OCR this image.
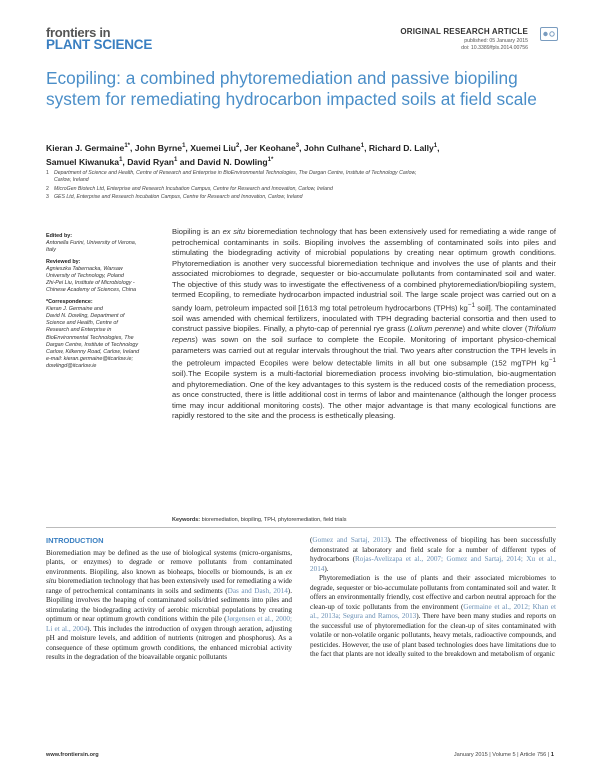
frontiers in
PLANT SCIENCE
ORIGINAL RESEARCH ARTICLE
published: 05 January 2015
doi: 10.3389/fpls.2014.00756
Ecopiling: a combined phytoremediation and passive biopiling system for remediating hydrocarbon impacted soils at field scale
Kieran J. Germaine$^{1*}$, John Byrne$^1$, Xuemei Liu$^2$, Jer Keohane$^3$, John Culhane$^1$, Richard D. Lally$^1$,
Samuel Kiwanuka$^1$, David Ryan$^1$ and David N. Dowling$^{1*}$
1 Department of Science and Health, Centre of Research and Enterprise in BioEnvironmental Technologies, The Dargan Centre, Institute of Technology Carlow,
Carlow, Ireland
2 MicroGen Biotech Ltd, Enterprise and Research Incubation Campus, Centre for Research and Innovation, Carlow, Ireland
3 GES Ltd, Enterprise and Research Incubation Campus, Centre for Research and Innovation, Carlow, Ireland
Edited by:
Antonella Furini, University of Verona,
Italy
Reviewed by:
Agnieszka Tabernacka, Warsaw
University of Technology, Poland
Zhi-Pei Liu, Institute of Microbiology -
Chinese Academy of Sciences, China
*Correspondence:
Kieran J. Germaine and
David N. Dowling, Department of
Science and Health, Centre of
Research and Enterprise in
BioEnvironmental Technologies, The
Dargan Centre, Institute of Technology
Carlow, Kilkenny Road, Carlow, Ireland
e-mail: kieran.germaine@itcarlow.ie;
dowlingd@itcarlow.ie
Biopiling is an ex situ bioremediation technology that has been extensively used for remediating a wide range of petrochemical contaminants in soils. Biopiling involves the assembling of contaminated soils into piles and stimulating the biodegrading activity of microbial populations by creating near optimum growth conditions. Phytoremediation is another very successful bioremediation technique and involves the use of plants and their associated microbiomes to degrade, sequester or bio-accumulate pollutants from contaminated soil and water. The objective of this study was to investigate the effectiveness of a combined phytoremediation/biopiling system, termed Ecopiling, to remediate hydrocarbon impacted industrial soil. The large scale project was carried out on a sandy loam, petroleum impacted soil [1613 mg total petroleum hydrocarbons (TPHs) $kg^{-1}$ soil]. The contaminated soil was amended with chemical fertilizers, inoculated with TPH degrading bacterial consortia and then used to construct passive biopiles. Finally, a phyto-cap of perennial rye grass (Lolium perenne) and white clover (Trifolium repens) was sown on the soil surface to complete the Ecopile. Monitoring of important physico-chemical parameters was carried out at regular intervals throughout the trial. Two years after construction the TPH levels in the petroleum impacted Ecopiles were below detectable limits in all but one subsample (152 mgTPH $kg^{-1}$ soil).The Ecopile system is a multi-factorial bioremediation process involving bio-stimulation, bio-augmentation and phytoremediation. One of the key advantages to this system is the reduced costs of the remediation process, as once constructed, there is little additional cost in terms of labor and maintenance (although the longer process time may incur additional monitoring costs). The other major advantage is that many ecological functions are rapidly restored to the site and the process is esthetically pleasing.
Keywords: bioremediation, biopiling, TPH, phytoremediation, field trials
INTRODUCTION

Bioremediation may be defined as the use of biological systems (micro-organisms, plants, or enzymes) to degrade or remove pollutants from contaminated environments. Biopiling, also known as bioheaps, biocells or biomounds, is an ex situ bioremediation technology that has been extensively used for remediating a wide range of petrochemical contaminants in soils and sediments (Das and Dash, 2014). Biopiling involves the heaping of contaminated soils/dried sediments into piles and stimulating the biodegrading activity of aerobic microbial populations by creating optimum or near optimum growth conditions within the pile (Jørgensen et al., 2000; Li et al., 2004). This includes the introduction of oxygen through aeration, adjusting pH and moisture levels, and addition of nutrients (nitrogen and phosphorus). As a consequence of these optimum growth conditions, the enhanced microbial activity results in the degradation of the bioavailable organic pollutants

(Gomez and Sartaj, 2013). The effectiveness of biopiling has been successfully demonstrated at laboratory and field scale for a number of different types of hydrocarbons (Rojas-Avelizapa et al., 2007; Gomez and Sartaj, 2014; Xu et al., 2014).

Phytoremediation is the use of plants and their associated microbiomes to degrade, sequester or bio-accumulate pollutants from contaminated soil and water. It offers an environmentally friendly, cost effective and carbon neutral approach for the clean-up of toxic pollutants from the environment (Germaine et al., 2012; Khan et al., 2013a; Segura and Ramos, 2013). There have been many studies and reports on the successful use of phytoremediation for the clean-up of sites contaminated with volatile or non-volatile organic pollutants, heavy metals, radioactive compounds, and pesticides. However, the use of plant based technologies does have limitations due to the fact that plants are not ideally suited to the breakdown and metabolism of organic

www.frontiersin.org	January 2015 | Volume 5 | Article 756 | 1
